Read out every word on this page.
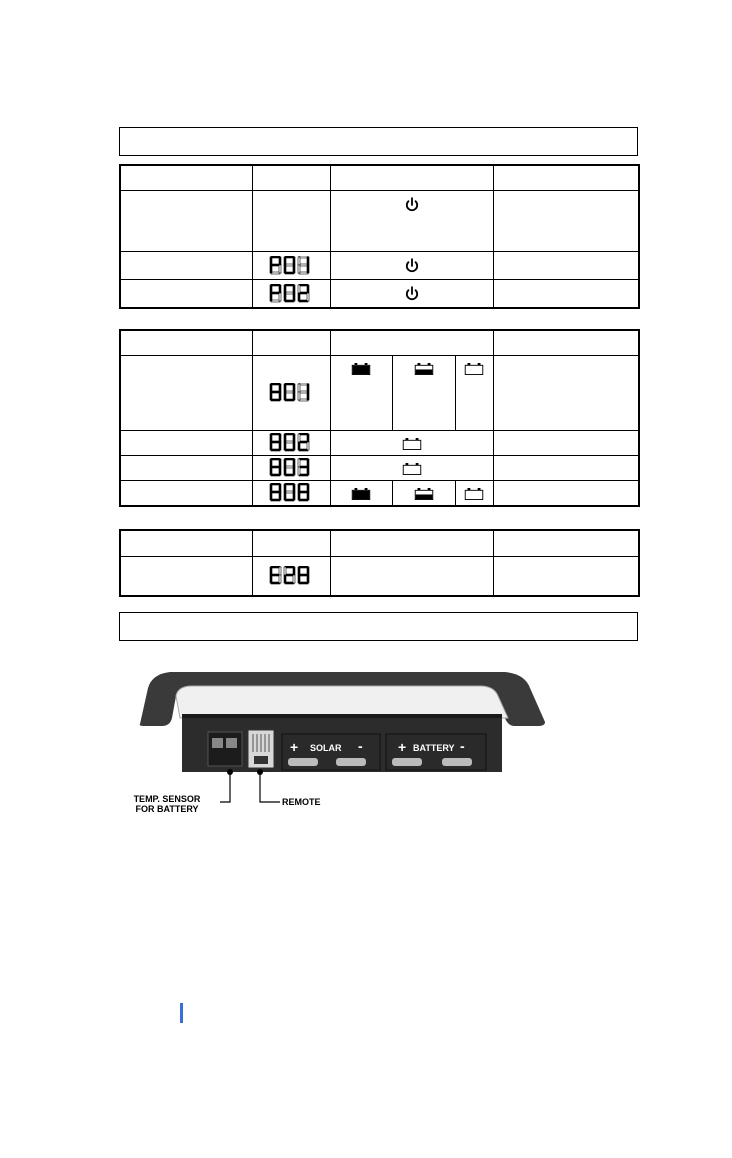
+ SOLAR -	+ BATTERY -
TEMP. SENSOR
FOR BATTERY
REMOTE
